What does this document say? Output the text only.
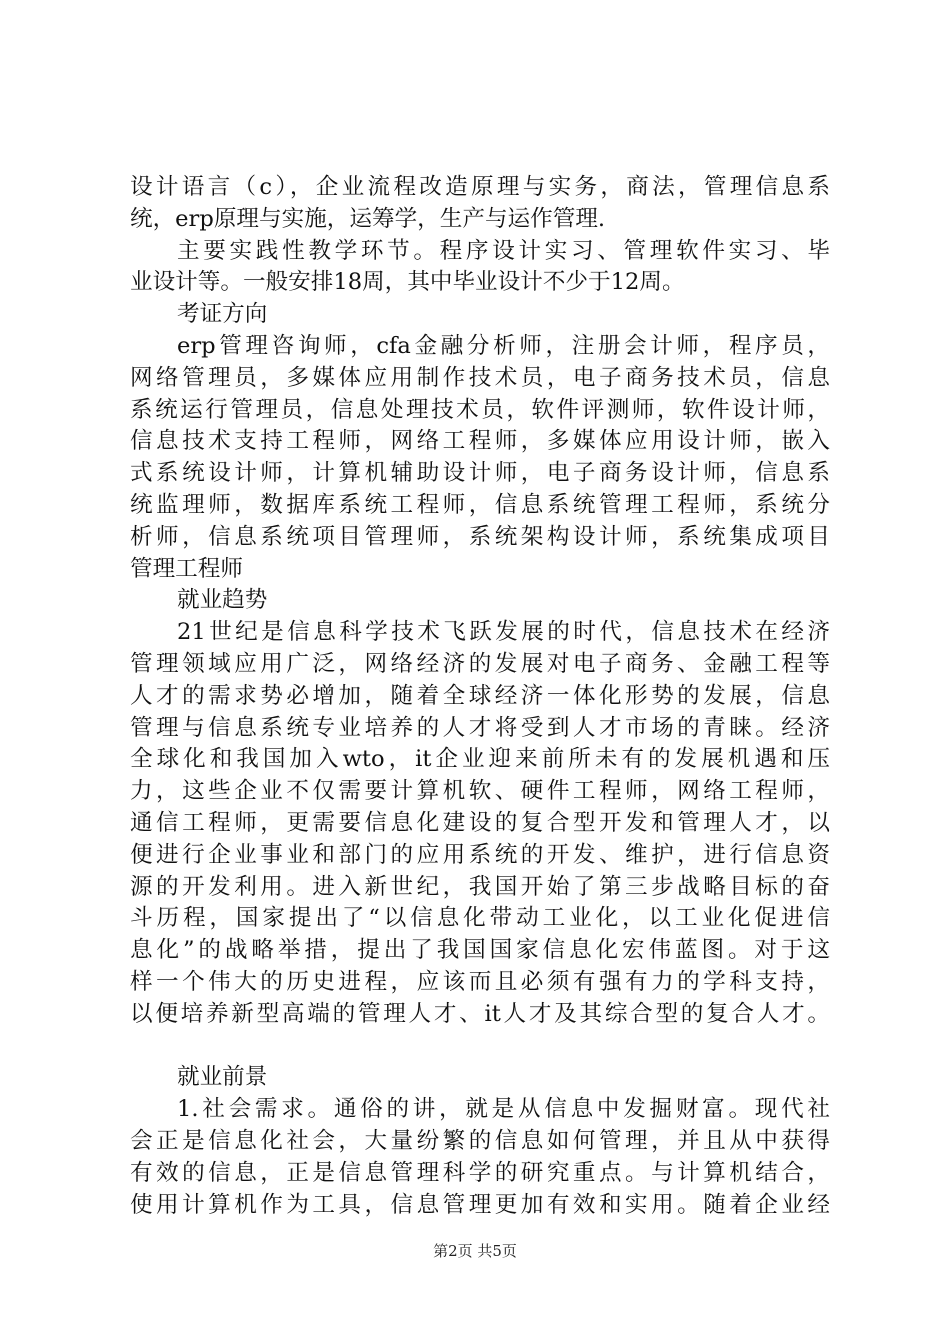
设计语言（c），企业流程改造原理与实务，商法，管理信息系
统，erp原理与实施，运筹学，生产与运作管理.
主要实践性教学环节。程序设计实习、管理软件实习、毕
业设计等。一般安排18周，其中毕业设计不少于12周。
考证方向
erp管理咨询师，cfa金融分析师，注册会计师，程序员，
网络管理员，多媒体应用制作技术员，电子商务技术员，信息
系统运行管理员，信息处理技术员，软件评测师，软件设计师，
信息技术支持工程师，网络工程师，多媒体应用设计师，嵌入
式系统设计师，计算机辅助设计师，电子商务设计师，信息系
统监理师，数据库系统工程师，信息系统管理工程师，系统分
析师，信息系统项目管理师，系统架构设计师，系统集成项目
管理工程师
就业趋势
21世纪是信息科学技术飞跃发展的时代，信息技术在经济
管理领域应用广泛，网络经济的发展对电子商务、金融工程等
人才的需求势必增加，随着全球经济一体化形势的发展，信息
管理与信息系统专业培养的人才将受到人才市场的青睐。经济
全球化和我国加入wto，it企业迎来前所未有的发展机遇和压
力，这些企业不仅需要计算机软、硬件工程师，网络工程师，
通信工程师，更需要信息化建设的复合型开发和管理人才，以
便进行企业事业和部门的应用系统的开发、维护，进行信息资
源的开发利用。进入新世纪，我国开始了第三步战略目标的奋
斗历程，国家提出了“以信息化带动工业化，以工业化促进信
息化”的战略举措，提出了我国国家信息化宏伟蓝图。对于这
样一个伟大的历史进程，应该而且必须有强有力的学科支持，
以便培养新型高端的管理人才、it人才及其综合型的复合人才。
就业前景
1.社会需求。通俗的讲，就是从信息中发掘财富。现代社
会正是信息化社会，大量纷繁的信息如何管理，并且从中获得
有效的信息，正是信息管理科学的研究重点。与计算机结合，
使用计算机作为工具，信息管理更加有效和实用。随着企业经
第2页 共5页
